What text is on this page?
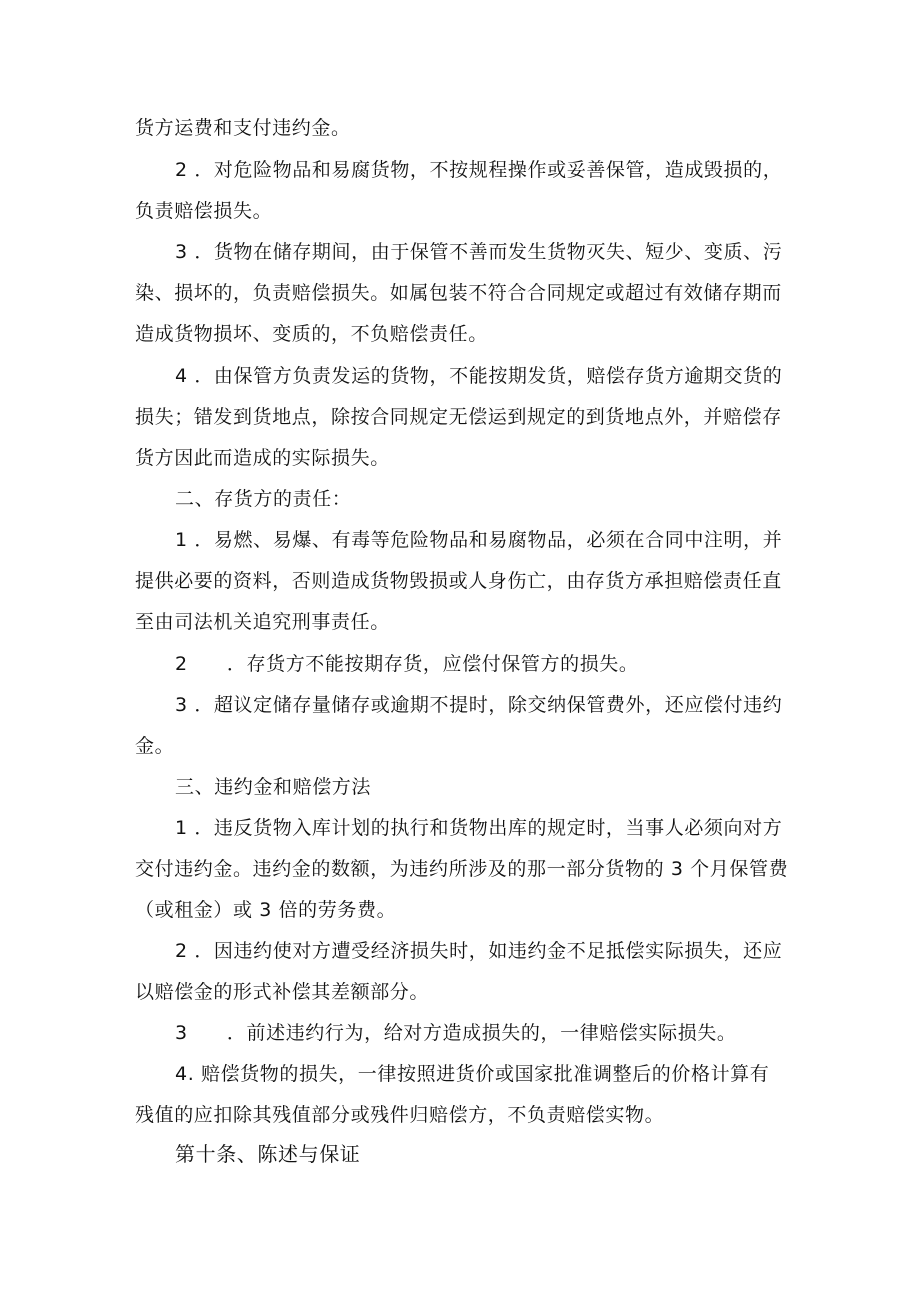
货方运费和支付违约金。
2 ．对危险物品和易腐货物，不按规程操作或妥善保管，造成毁损的，
负责赔偿损失。
3 ．货物在储存期间，由于保管不善而发生货物灭失、短少、变质、污
染、损坏的，负责赔偿损失。如属包装不符合合同规定或超过有效储存期而
造成货物损坏、变质的，不负赔偿责任。
4 ．由保管方负责发运的货物，不能按期发货，赔偿存货方逾期交货的
损失；错发到货地点，除按合同规定无偿运到规定的到货地点外，并赔偿存
货方因此而造成的实际损失。
二、存货方的责任：
1 ．易燃、易爆、有毒等危险物品和易腐物品，必须在合同中注明，并
提供必要的资料，否则造成货物毁损或人身伤亡，由存货方承担赔偿责任直
至由司法机关追究刑事责任。
2　　．存货方不能按期存货，应偿付保管方的损失。
3 ．超议定储存量储存或逾期不提时，除交纳保管费外，还应偿付违约
金。
三、违约金和赔偿方法
1 ．违反货物入库计划的执行和货物出库的规定时，当事人必须向对方
交付违约金。违约金的数额，为违约所涉及的那一部分货物的 3 个月保管费
（或租金）或 3 倍的劳务费。
2 ．因违约使对方遭受经济损失时，如违约金不足抵偿实际损失，还应
以赔偿金的形式补偿其差额部分。
3　　．前述违约行为，给对方造成损失的，一律赔偿实际损失。
4. 赔偿货物的损失，一律按照进货价或国家批准调整后的价格计算有
残值的应扣除其残值部分或残件归赔偿方，不负责赔偿实物。
第十条、陈述与保证
